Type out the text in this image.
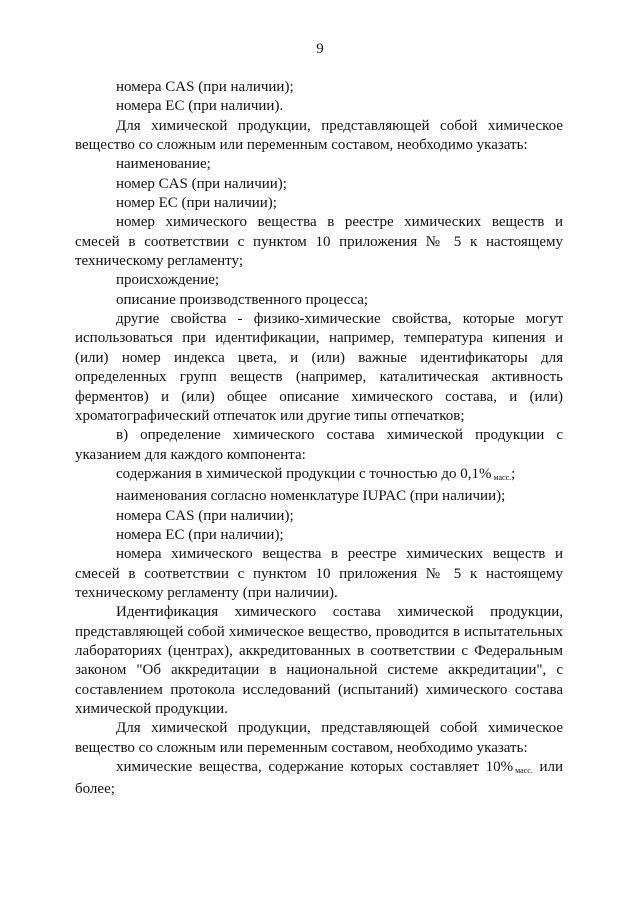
9

номера CAS (при наличии);

номера ЕС (при наличии).

Для химической продукции, представляющей собой химическое вещество со сложным или переменным составом, необходимо указать:

наименование;

номер CAS (при наличии);

номер ЕС (при наличии);

номер химического вещества в реестре химических веществ и смесей в соответствии с пунктом 10 приложения № 5 к настоящему техническому регламенту;

происхождение;

описание производственного процесса;

другие свойства - физико-химические свойства, которые могут использоваться при идентификации, например, температура кипения и (или) номер индекса цвета, и (или) важные идентификаторы для определенных групп веществ (например, каталитическая активность ферментов) и (или) общее описание химического состава, и (или) хроматографический отпечаток или другие типы отпечатков;

в) определение химического состава химической продукции с указанием для каждого компонента:

содержания в химической продукции с точностью до 0,1% $_{масс.}$;

наименования согласно номенклатуре IUPAC (при наличии);

номера CAS (при наличии);

номера ЕС (при наличии);

номера химического вещества в реестре химических веществ и смесей в соответствии с пунктом 10 приложения № 5 к настоящему техническому регламенту (при наличии).

Идентификация химического состава химической продукции, представляющей собой химическое вещество, проводится в испытательных лабораториях (центрах), аккредитованных в соответствии с Федеральным законом "Об аккредитации в национальной системе аккредитации", с составлением протокола исследований (испытаний) химического состава химической продукции.

Для химической продукции, представляющей собой химическое вещество со сложным или переменным составом, необходимо указать:

химические вещества, содержание которых составляет 10% $_{масс.}$ или более;
